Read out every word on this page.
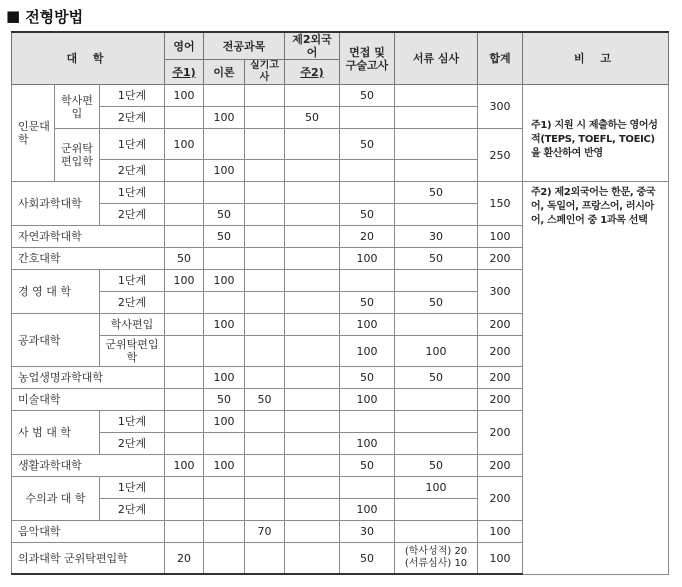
■ 전형방법
대 학			영어	전공과목		제2외국어	면접 및 구술고사	서류 심사	합계	비 고
			주1)	이론	실기고사	주2)				
인문대학	학사편입	1단계	100				50		300	주1) 지원 시 제출하는 영어성적(TEPS, TOEFL, TOEIC)을 환산하여 반영

		2단계		100		50				
	군위탁편입학	1단계	100				50		250	
		2단계		100						
사회과학대학		1단계						50	150	주2) 제2외국어는 한문, 중국어, 독일어, 프랑스어, 러시아어, 스페인어 중 1과목 선택

		2단계		50			50			
자연과학대학				50			20	30	100	
간호대학			50				100	50	200	
경 영 대 학		1단계	100	100					300	
		2단계					50	50		
공과대학		학사편입		100			100		200	
		군위탁편입학					100	100	200	
농업생명과학대학				100			50	50	200	
미술대학				50	50		100		200	
사 범 대 학		1단계		100					200	
		2단계					100			
생활과학대학			100	100			50	50	200	
수의과 대 학		1단계						100	200	
		2단계					100			
음악대학					70		30		100	
의과대학 군위탁편입학			20				50	(학사성적) 20
(서류심사) 10	100	
